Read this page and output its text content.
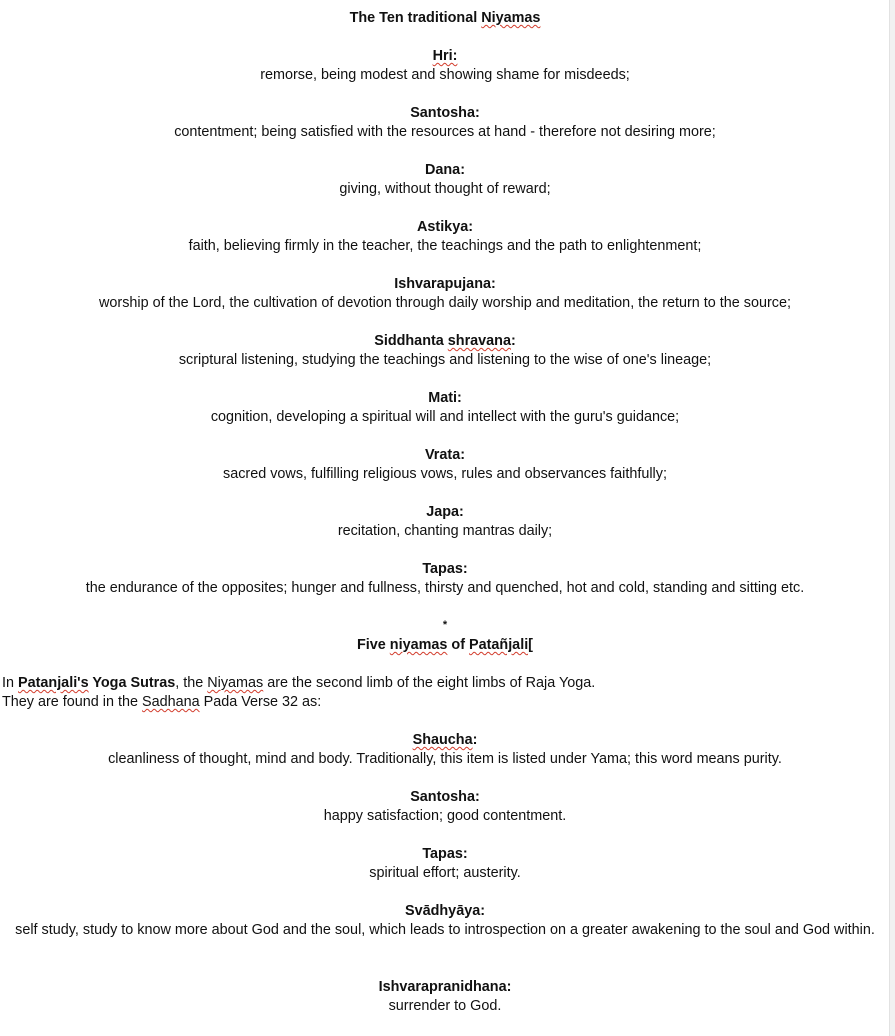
The Ten traditional Niyamas
Hri:
remorse, being modest and showing shame for misdeeds;
Santosha:
contentment; being satisfied with the resources at hand - therefore not desiring more;
Dana:
giving, without thought of reward;
Astikya:
faith, believing firmly in the teacher, the teachings and the path to enlightenment;
Ishvarapujana:
worship of the Lord, the cultivation of devotion through daily worship and meditation, the return to the source;
Siddhanta shravana:
scriptural listening, studying the teachings and listening to the wise of one's lineage;
Mati:
cognition, developing a spiritual will and intellect with the guru's guidance;
Vrata:
sacred vows, fulfilling religious vows, rules and observances faithfully;
Japa:
recitation, chanting mantras daily;
Tapas:
the endurance of the opposites; hunger and fullness, thirsty and quenched, hot and cold, standing and sitting etc.
*
Five niyamas of Patañjali[
In Patanjali's Yoga Sutras, the Niyamas are the second limb of the eight limbs of Raja Yoga.
They are found in the Sadhana Pada Verse 32 as:
Shaucha:
cleanliness of thought, mind and body. Traditionally, this item is listed under Yama; this word means purity.
Santosha:
happy satisfaction; good contentment.
Tapas:
spiritual effort; austerity.
Svādhyāya:
self study, study to know more about God and the soul, which leads to introspection on a greater awakening to the soul and God within.
Ishvarapranidhana:
surrender to God.
